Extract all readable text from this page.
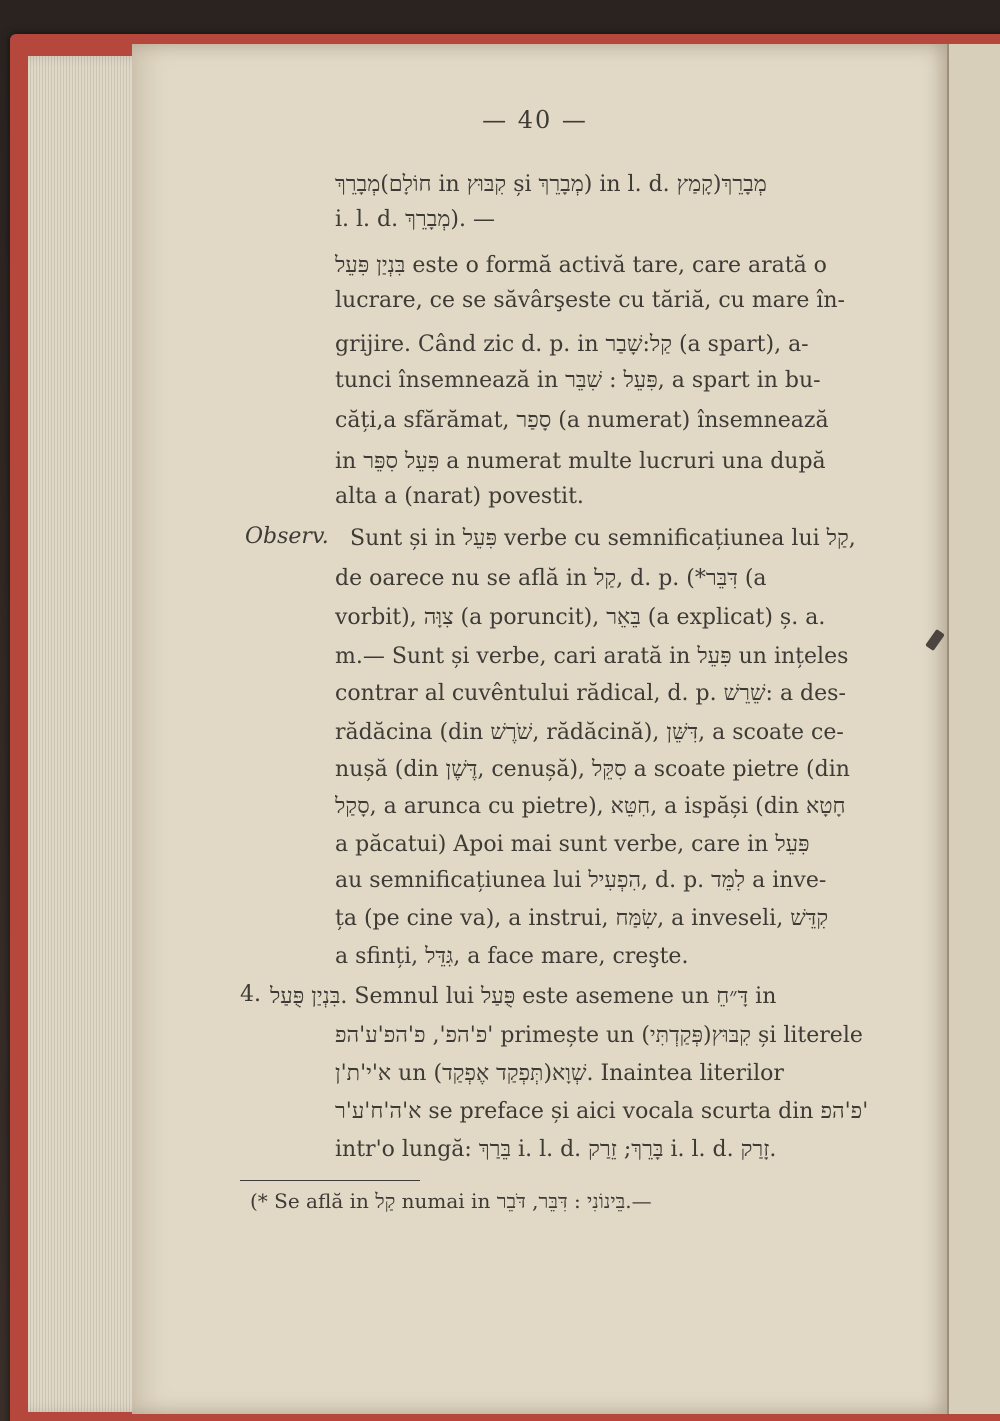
— 40 —
מְבָרֵךְ(חוֹלָם in קִבּוּץ și מְבָרֵךְ) in l. d. מְבָרֵךְ(קָמַץ
i. l. d. מְבָרֵךְ). —
בִּנְיַן פִּעֵל este o formă activă tare, care arată o
lucrare, ce se săvârşeste cu tăriă, cu mare în-
grijire. Când zic d. p. in קַל:שָׁבַר (a spart), a-
tunci însemnează in פִּעֵל : שִׁבֵּר, a spart in bu-
căți,a sfărămat, סָפַר (a numerat) însemnează
in פִּעֵל סִפֵּר a numerat multe lucruri una după
alta a (narat) povestit.
Observ. Sunt și in פִּעֵל verbe cu semnificațiunea lui קַל,
de oarece nu se află in קַל, d. p. (*דִּבֵּר (a
vorbit), צִוָּה (a poruncit), בֵּאֵר (a explicat) ș. a.
m.— Sunt și verbe, cari arată in פִּעֵל un ințeles
contrar al cuvêntului rădical, d. p. שֵׁרֵשׁ: a des-
rădăcina (din שֹׁרֶשׁ, rădăcină), דִּשֵּׁן, a scoate ce-
nușă (din דֶּשֶׁן, cenușă), סִקֵּל a scoate pietre (din
סָקַל, a arunca cu pietre), חִטֵּא, a ispăși (din חָטָא
a păcatui) Apoi mai sunt verbe, care in פִּעֵל
au semnificațiunea lui הִפְעִיל, d. p. לִמֵּד a inve-
ța (pe cine va), a instrui, שִׂמַּח, a inveseli, קִדֵּשׁ
a sfinți, גִּדֵּל, a face mare, creşte.
4. בִּנְיַן פֻּעַל. Semnul lui פֻּעַל este asemene un דָּ״חֵ in
פ'הפ', פ'הפ'ע'הפ' primește un (פְּקַדְתִּי)קִבּוּץ și literele
א'י'ת'ן un (תְּפְקַד אֶפְקַד)שְׁוָא. Inaintea literilor
א'ה'ח'ע'ר se preface și aici vocala scurta din פ'הפ'
intr'o lungă: בֵּרַךְ i. l. d. בָּרֵךְ; זֵרַק i. l. d. זָרַק.
(* Se află in קַל numai in בֵּינוֹנִי : דִּבֵּר, דֹּבֵר.—
